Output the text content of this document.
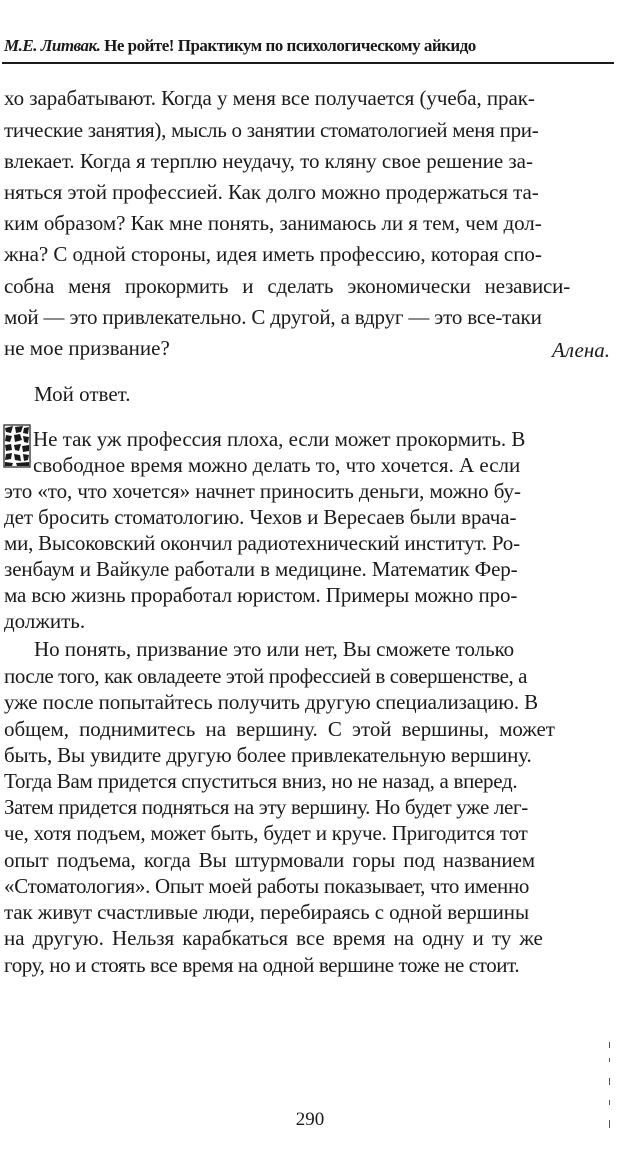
М.Е. Литвак. Не ройте! Практикум по психологическому айкидо
хо зарабатывают. Когда у меня все получается (учеба, прак-
тические занятия), мысль о занятии стоматологией меня при-
влекает. Когда я терплю неудачу, то кляну свое решение за-
няться этой профессией. Как долго можно продержаться та-
ким образом? Как мне понять, занимаюсь ли я тем, чем дол-
жна? С одной стороны, идея иметь профессию, которая спо-
собна меня прокормить и сделать экономически независи-
мой — это привлекательно. С другой, а вдруг — это все-таки
не мое призвание?	Алена.
Мой ответ.
Не так уж профессия плоха, если может прокормить. В
свободное время можно делать то, что хочется. А если
это «то, что хочется» начнет приносить деньги, можно бу-
дет бросить стоматологию. Чехов и Вересаев были врача-
ми, Высоковский окончил радиотехнический институт. Ро-
зенбаум и Вайкуле работали в медицине. Математик Фер-
ма всю жизнь проработал юристом. Примеры можно про-
должить.
Но понять, призвание это или нет, Вы сможете только
после того, как овладеете этой профессией в совершенстве, а
уже после попытайтесь получить другую специализацию. В
общем, поднимитесь на вершину. С этой вершины, может
быть, Вы увидите другую более привлекательную вершину.
Тогда Вам придется спуститься вниз, но не назад, а вперед.
Затем придется подняться на эту вершину. Но будет уже лег-
че, хотя подъем, может быть, будет и круче. Пригодится тот
опыт подъема, когда Вы штурмовали горы под названием
«Стоматология». Опыт моей работы показывает, что именно
так живут счастливые люди, перебираясь с одной вершины
на другую. Нельзя карабкаться все время на одну и ту же
гору, но и стоять все время на одной вершине тоже не стоит.
290
